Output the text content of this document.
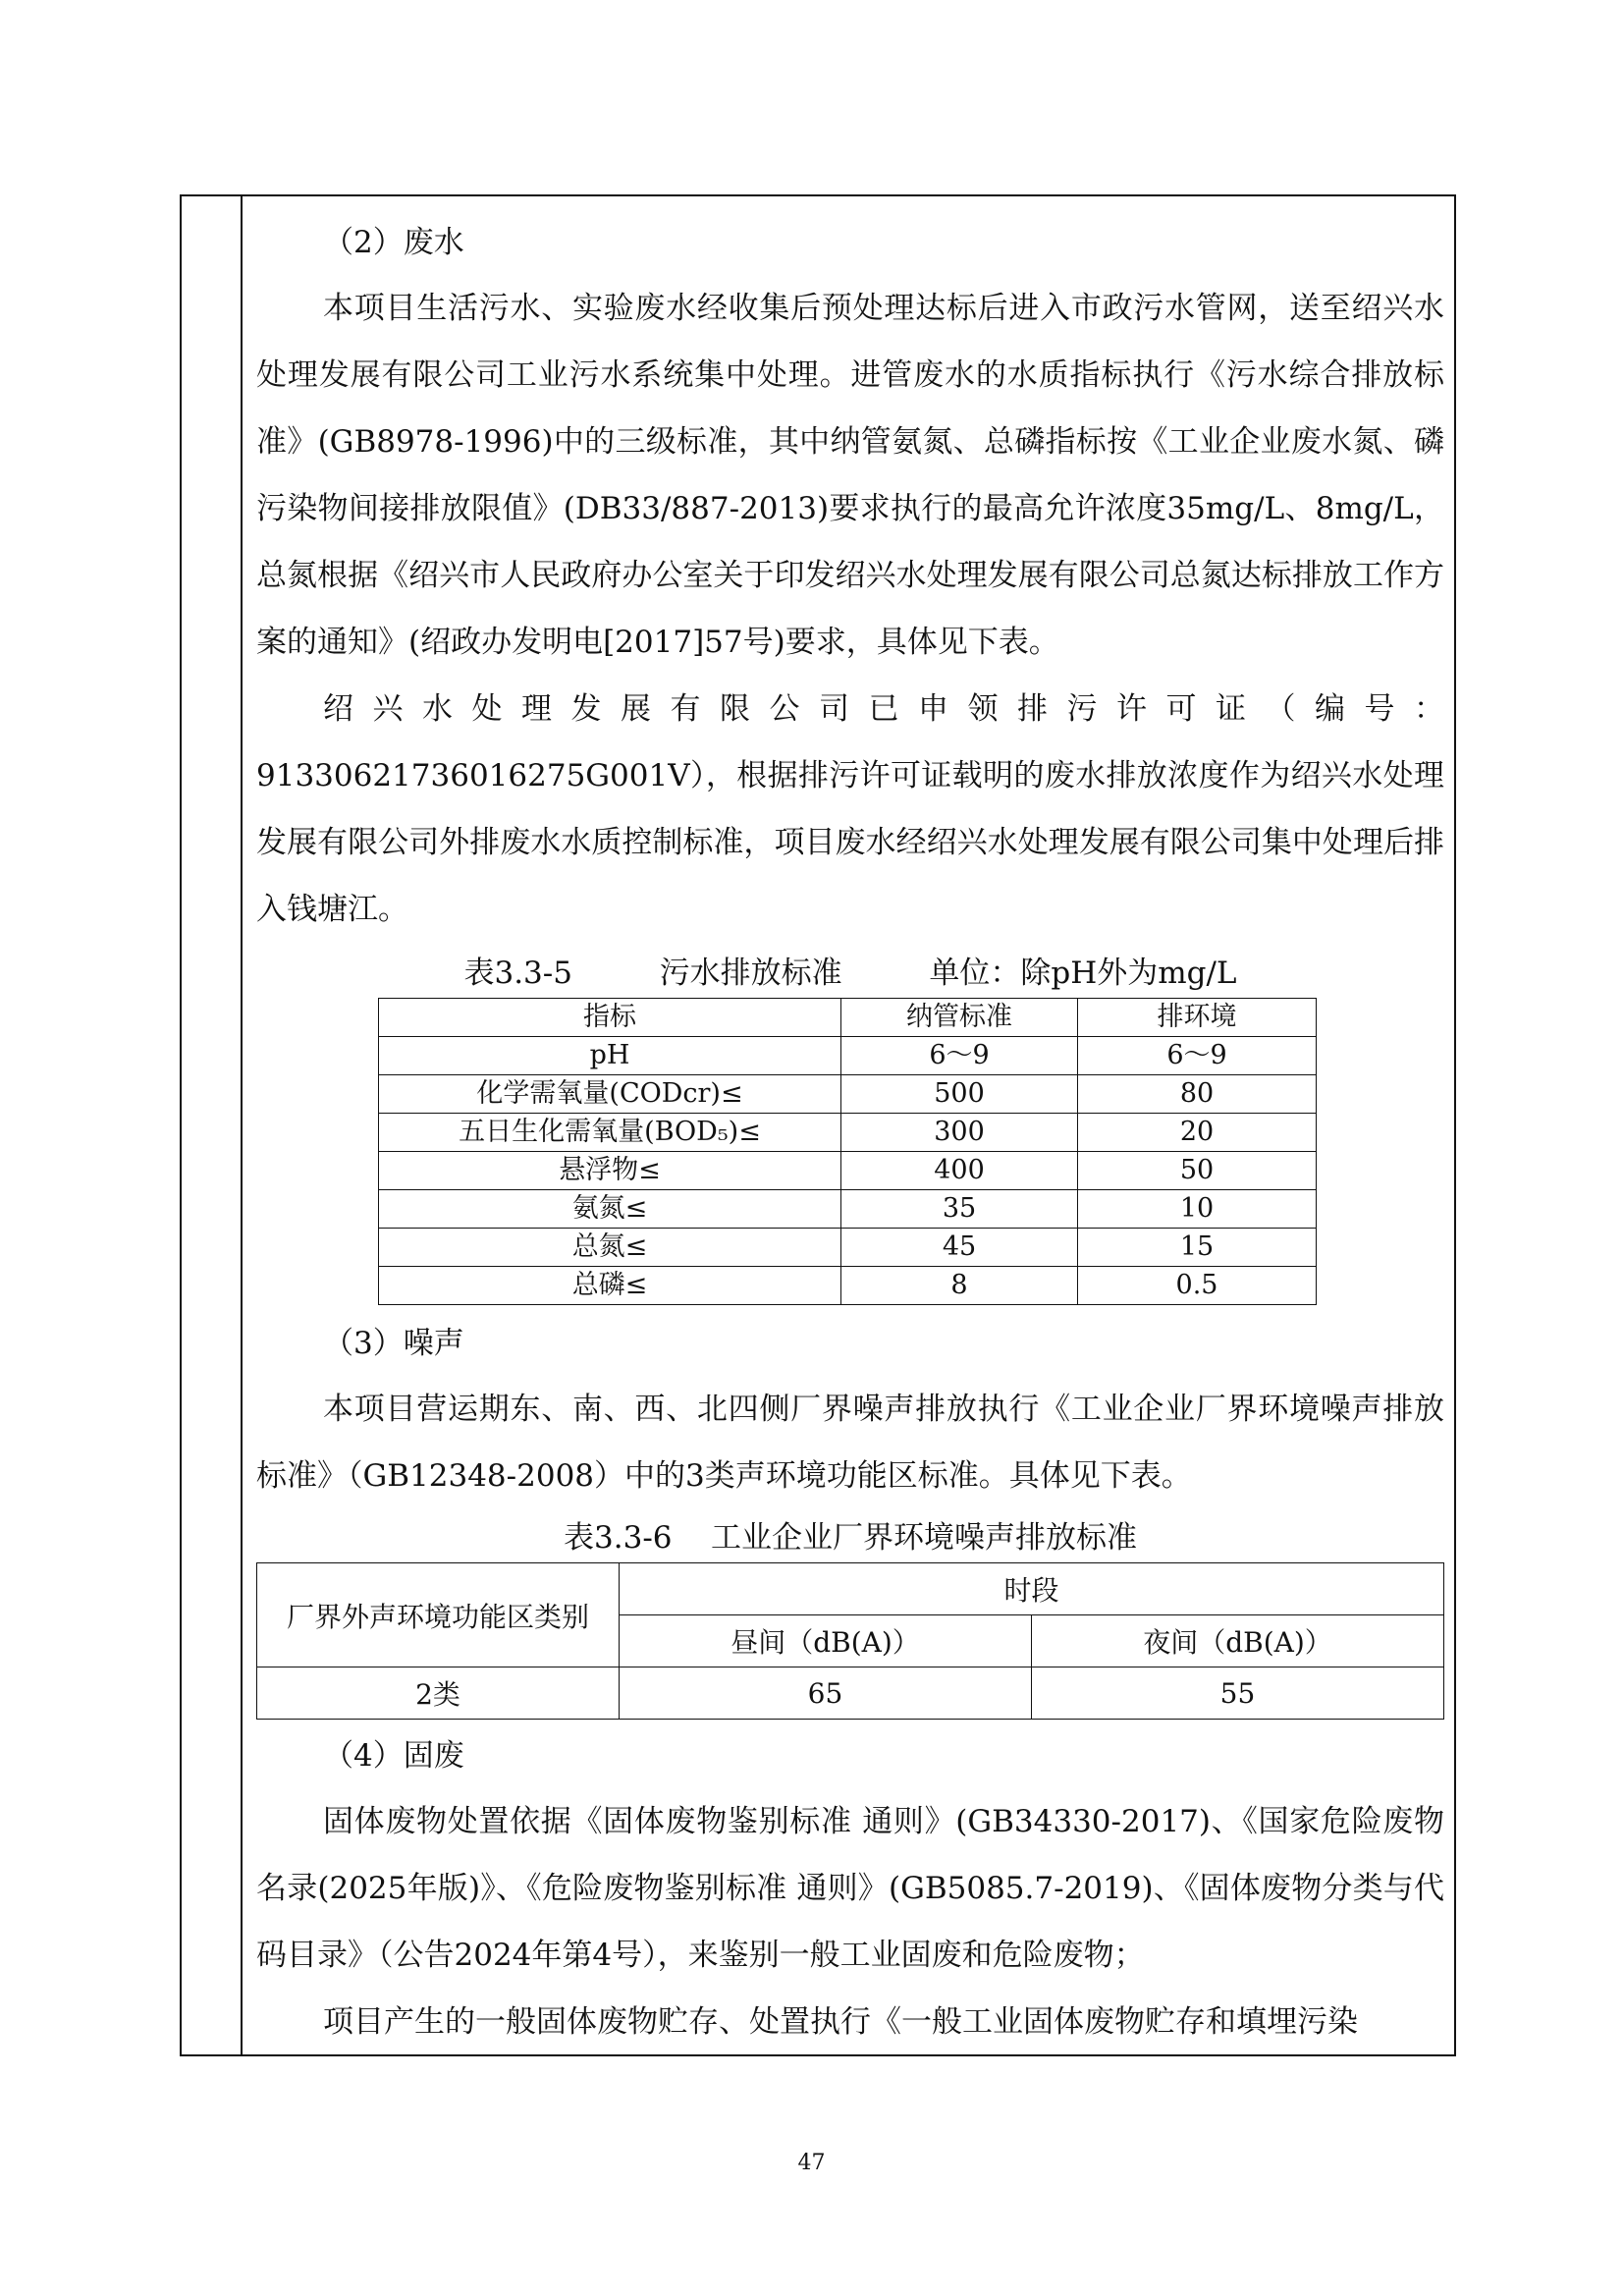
（2）废水

本项目生活污水、实验废水经收集后预处理达标后进入市政污水管网，送至绍兴水处理发展有限公司工业污水系统集中处理。进管废水的水质指标执行《污水综合排放标准》(GB8978-1996)中的三级标准，其中纳管氨氮、总磷指标按《工业企业废水氮、磷污染物间接排放限值》(DB33/887-2013)要求执行的最高允许浓度35mg/L、8mg/L，总氮根据《绍兴市人民政府办公室关于印发绍兴水处理发展有限公司总氮达标排放工作方案的通知》(绍政办发明电[2017]57号)要求，具体见下表。

绍兴水处理发展有限公司已申领排污许可证（编号：

91330621736016275G001V），根据排污许可证载明的废水排放浓度作为绍兴水处理发展有限公司外排废水水质控制标准，项目废水经绍兴水处理发展有限公司集中处理后排入钱塘江。

表3.3-5         污水排放标准         单位：除pH外为mg/L

指标	纳管标准	排环境
pH	6～9	6～9
化学需氧量(CODcr)≤	500	80
五日生化需氧量(BOD₅)≤	300	20
悬浮物≤	400	50
氨氮≤	35	10
总氮≤	45	15
总磷≤	8	0.5

（3）噪声

本项目营运期东、南、西、北四侧厂界噪声排放执行《工业企业厂界环境噪声排放标准》（GB12348-2008）中的3类声环境功能区标准。具体见下表。

表3.3-6    工业企业厂界环境噪声排放标准

厂界外声环境功能区类别	时段	
	昼间（dB(A)）	夜间（dB(A)）
2类	65	55

（4）固废

固体废物处置依据《固体废物鉴别标准 通则》(GB34330-2017)、《国家危险废物名录(2025年版)》、《危险废物鉴别标准 通则》(GB5085.7-2019)、《固体废物分类与代码目录》（公告2024年第4号），来鉴别一般工业固废和危险废物；

项目产生的一般固体废物贮存、处置执行《一般工业固体废物贮存和填埋污染

47
